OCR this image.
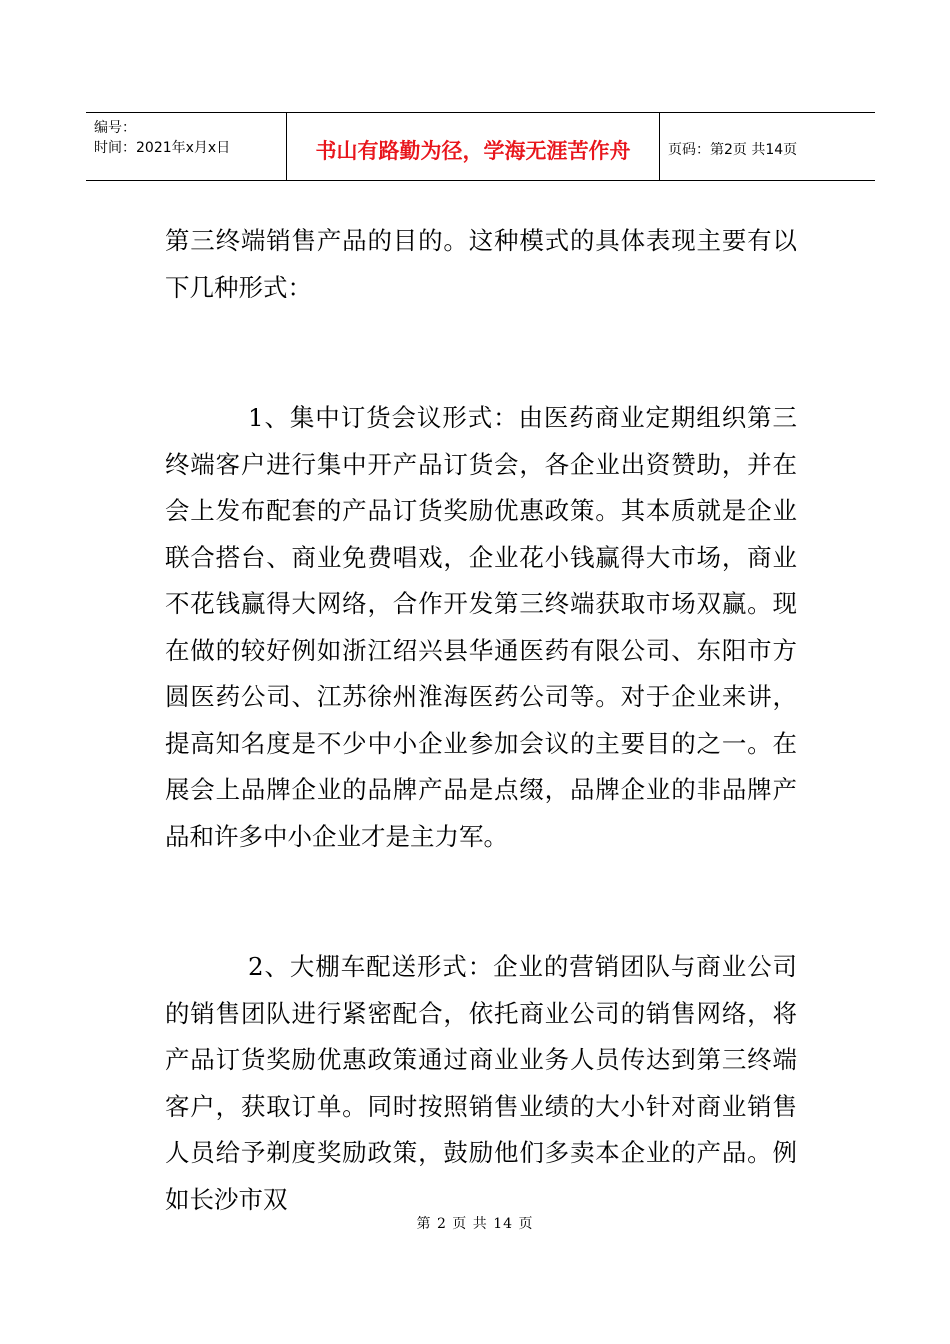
编号：
时间：2021年x月x日	书山有路勤为径，学海无涯苦作舟	页码：第2页 共14页

第三终端销售产品的目的。这种模式的具体表现主要有以下几种形式：

1、集中订货会议形式：由医药商业定期组织第三终端客户进行集中开产品订货会，各企业出资赞助，并在会上发布配套的产品订货奖励优惠政策。其本质就是企业联合搭台、商业免费唱戏，企业花小钱赢得大市场，商业不花钱赢得大网络，合作开发第三终端获取市场双赢。现在做的较好例如浙江绍兴县华通医药有限公司、东阳市方圆医药公司、江苏徐州淮海医药公司等。对于企业来讲，提高知名度是不少中小企业参加会议的主要目的之一。在展会上品牌企业的品牌产品是点缀，品牌企业的非品牌产品和许多中小企业才是主力军。

2、大棚车配送形式：企业的营销团队与商业公司的销售团队进行紧密配合，依托商业公司的销售网络，将产品订货奖励优惠政策通过商业业务人员传达到第三终端客户，获取订单。同时按照销售业绩的大小针对商业销售人员给予剃度奖励政策，鼓励他们多卖本企业的产品。例如长沙市双

第 2 页 共 14 页
